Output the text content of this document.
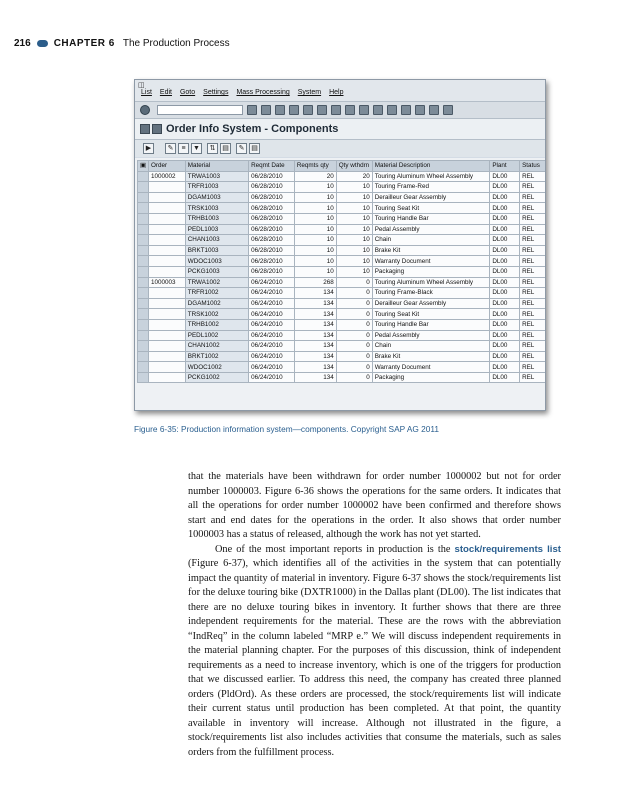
216 CHAPTER 6 The Production Process
◫
List Edit Goto Settings Mass Processing System Help
Order Info System - Components
▶	✎	≡	▼	⇅ ▤	✎ ▤
▣	Order	Material	Reqmt Date	Reqmts qty	Qty wthdrn	Material Description	Plant	Status
	1000002	TRWA1003	06/28/2010	20	20	Touring Aluminum Wheel Assembly	DL00	REL
		TRFR1003	06/28/2010	10	10	Touring Frame-Red	DL00	REL
		DGAM1003	06/28/2010	10	10	Derailleur Gear Assembly	DL00	REL
		TRSK1003	06/28/2010	10	10	Touring Seat Kit	DL00	REL
		TRHB1003	06/28/2010	10	10	Touring Handle Bar	DL00	REL
		PEDL1003	06/28/2010	10	10	Pedal Assembly	DL00	REL
		CHAN1003	06/28/2010	10	10	Chain	DL00	REL
		BRKT1003	06/28/2010	10	10	Brake Kit	DL00	REL
		WDOC1003	06/28/2010	10	10	Warranty Document	DL00	REL
		PCKG1003	06/28/2010	10	10	Packaging	DL00	REL
	1000003	TRWA1002	06/24/2010	268	0	Touring Aluminum Wheel Assembly	DL00	REL
		TRFR1002	06/24/2010	134	0	Touring Frame-Black	DL00	REL
		DGAM1002	06/24/2010	134	0	Derailleur Gear Assembly	DL00	REL
		TRSK1002	06/24/2010	134	0	Touring Seat Kit	DL00	REL
		TRHB1002	06/24/2010	134	0	Touring Handle Bar	DL00	REL
		PEDL1002	06/24/2010	134	0	Pedal Assembly	DL00	REL
		CHAN1002	06/24/2010	134	0	Chain	DL00	REL
		BRKT1002	06/24/2010	134	0	Brake Kit	DL00	REL
		WDOC1002	06/24/2010	134	0	Warranty Document	DL00	REL
		PCKG1002	06/24/2010	134	0	Packaging	DL00	REL
Figure 6-35: Production information system—components. Copyright SAP AG 2011

that the materials have been withdrawn for order number 1000002 but not for order number 1000003. Figure 6-36 shows the operations for the same orders. It indicates that all the operations for order number 1000002 have been confirmed and therefore shows start and end dates for the operations in the order. It also shows that order number 1000003 has a status of released, although the work has not yet started.

One of the most important reports in production is the stock/requirements list (Figure 6-37), which identifies all of the activities in the system that can potentially impact the quantity of material in inventory. Figure 6-37 shows the stock/requirements list for the deluxe touring bike (DXTR1000) in the Dallas plant (DL00). The list indicates that there are no deluxe touring bikes in inventory. It further shows that there are three independent requirements for the material. These are the rows with the abbreviation “IndReq” in the column labeled “MRP e.” We will discuss independent requirements in the material planning chapter. For the purposes of this discussion, think of independent requirements as a need to increase inventory, which is one of the triggers for production that we discussed earlier. To address this need, the company has created three planned orders (PldOrd). As these orders are processed, the stock/requirements list will indicate their current status until production has been completed. At that point, the quantity available in inventory will increase. Although not illustrated in the figure, a stock/requirements list also includes activities that consume the materials, such as sales orders from the fulfillment process.
